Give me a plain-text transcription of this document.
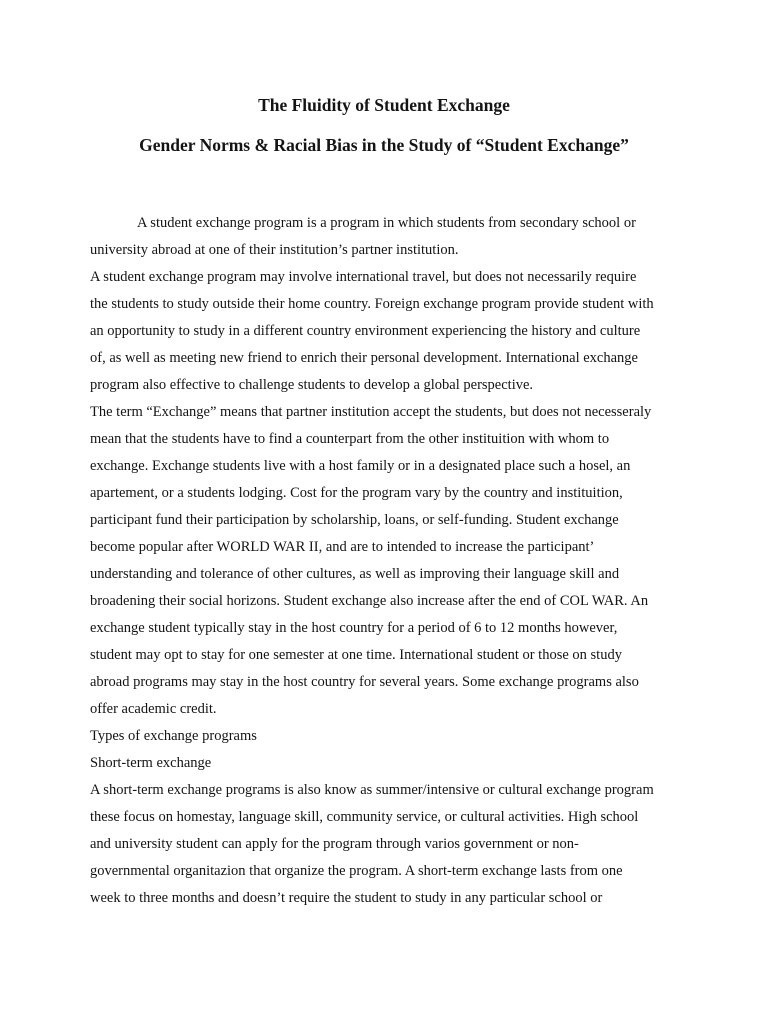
The Fluidity of Student Exchange
Gender Norms & Racial Bias in the Study of “Student Exchange”
A student exchange program is a program in which students from secondary school or
university abroad at one of their institution’s partner institution.
A student exchange program may involve international travel, but does not necessarily require
the students to study outside their home country. Foreign exchange program provide student with
an opportunity to study in a different country environment experiencing the history and culture
of, as well as meeting new friend to enrich their personal development. International exchange
program also effective to challenge students to develop a global perspective.
The term “Exchange” means that partner institution accept the students, but does not necesseraly
mean that the students have to find a counterpart from the other instituition with whom to
exchange. Exchange students live with a host family or in a designated place such a hosel, an
apartement, or a students lodging. Cost for the program vary by the country and instituition,
participant fund their participation by scholarship, loans, or self-funding. Student exchange
become popular after WORLD WAR II, and are to intended to increase the participant’
understanding and tolerance of other cultures, as well as improving their language skill and
broadening their social horizons. Student exchange also increase after the end of COL WAR. An
exchange student typically stay in the host country for a period of 6 to 12 months however,
student may opt to stay for one semester at one time. International student or those on study
abroad programs may stay in the host country for several years. Some exchange programs also
offer academic credit.
Types of exchange programs
Short-term exchange
A short-term exchange programs is also know as summer/intensive or cultural exchange program
these focus on homestay, language skill, community service, or cultural activities. High school
and university student can apply for the program through varios government or non-
governmental organitazion that organize the program. A short-term exchange lasts from one
week to three months and doesn’t require the student to study in any particular school or
